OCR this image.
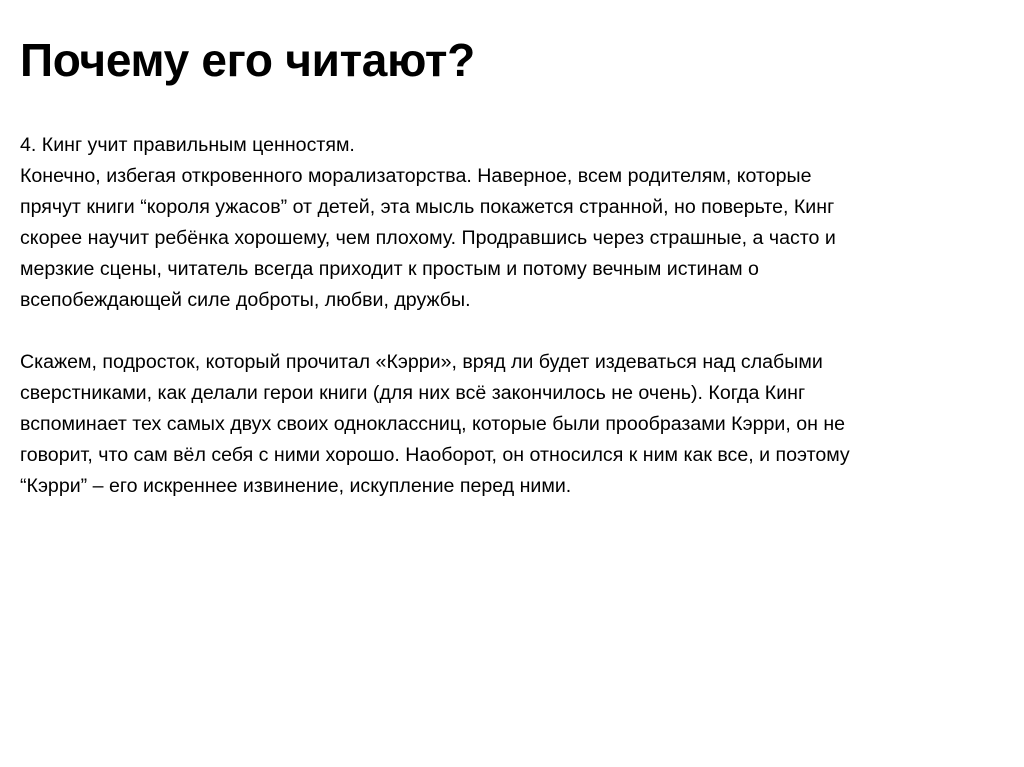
Почему его читают?

4. Кинг учит правильным ценностям.
Конечно, избегая откровенного морализаторства. Наверное, всем родителям, которые
прячут книги “короля ужасов” от детей, эта мысль покажется странной, но поверьте, Кинг
скорее научит ребёнка хорошему, чем плохому. Продравшись через страшные, а часто и
мерзкие сцены, читатель всегда приходит к простым и потому вечным истинам о
всепобеждающей силе доброты, любви, дружбы.

Скажем, подросток, который прочитал «Кэрри», вряд ли будет издеваться над слабыми
сверстниками, как делали герои книги (для них всё закончилось не очень). Когда Кинг
вспоминает тех самых двух своих одноклассниц, которые были прообразами Кэрри, он не
говорит, что сам вёл себя с ними хорошо. Наоборот, он относился к ним как все, и поэтому
“Кэрри” – его искреннее извинение, искупление перед ними.
